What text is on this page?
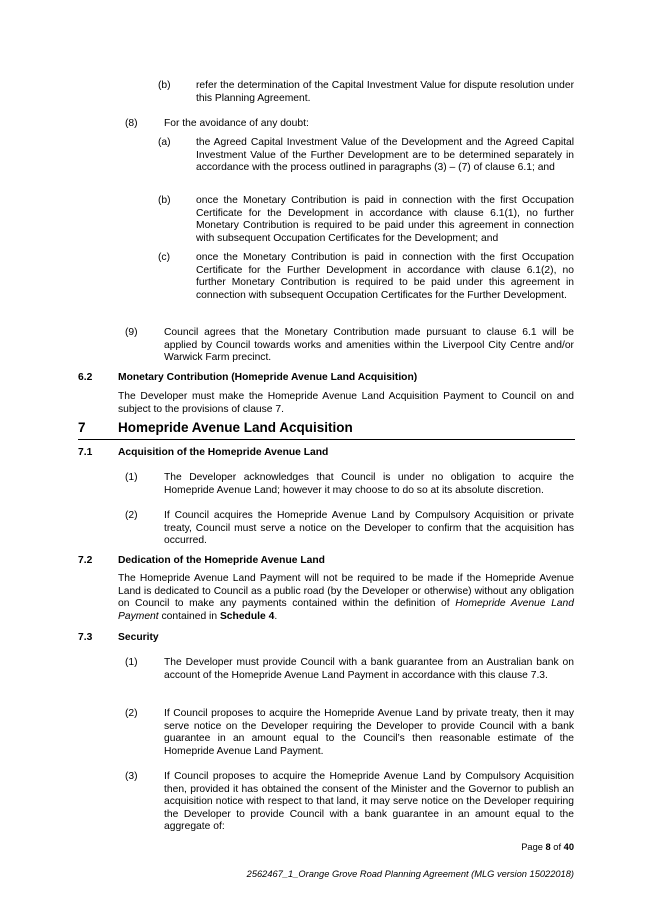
(b) refer the determination of the Capital Investment Value for dispute resolution under this Planning Agreement.
(8)	For the avoidance of any doubt:
(a) the Agreed Capital Investment Value of the Development and the Agreed Capital Investment Value of the Further Development are to be determined separately in accordance with the process outlined in paragraphs (3) – (7) of clause 6.1; and
(b) once the Monetary Contribution is paid in connection with the first Occupation Certificate for the Development in accordance with clause 6.1(1), no further Monetary Contribution is required to be paid under this agreement in connection with subsequent Occupation Certificates for the Development; and
(c)	once the Monetary Contribution is paid in connection with the first Occupation Certificate for the Further Development in accordance with clause 6.1(2), no further Monetary Contribution is required to be paid under this agreement in connection with subsequent Occupation Certificates for the Further Development.
(9)	Council agrees that the Monetary Contribution made pursuant to clause 6.1 will be applied by Council towards works and amenities within the Liverpool City Centre and/or Warwick Farm precinct.
6.2 Monetary Contribution (Homepride Avenue Land Acquisition)
The Developer must make the Homepride Avenue Land Acquisition Payment to Council on and subject to the provisions of clause 7.
7 Homepride Avenue Land Acquisition
7.1 Acquisition of the Homepride Avenue Land
(1)	The Developer acknowledges that Council is under no obligation to acquire the Homepride Avenue Land; however it may choose to do so at its absolute discretion.
(2)	If Council acquires the Homepride Avenue Land by Compulsory Acquisition or private treaty, Council must serve a notice on the Developer to confirm that the acquisition has occurred.
7.2 Dedication of the Homepride Avenue Land
The Homepride Avenue Land Payment will not be required to be made if the Homepride Avenue Land is dedicated to Council as a public road (by the Developer or otherwise) without any obligation on Council to make any payments contained within the definition of Homepride Avenue Land Payment contained in Schedule 4.
7.3 Security
(1)	The Developer must provide Council with a bank guarantee from an Australian bank on account of the Homepride Avenue Land Payment in accordance with this clause 7.3.
(2)	If Council proposes to acquire the Homepride Avenue Land by private treaty, then it may serve notice on the Developer requiring the Developer to provide Council with a bank guarantee in an amount equal to the Council’s then reasonable estimate of the Homepride Avenue Land Payment.
(3)	If Council proposes to acquire the Homepride Avenue Land by Compulsory Acquisition then, provided it has obtained the consent of the Minister and the Governor to publish an acquisition notice with respect to that land, it may serve notice on the Developer requiring the Developer to provide Council with a bank guarantee in an amount equal to the aggregate of:
Page 8 of 40
2562467_1_Orange Grove Road Planning Agreement (MLG version 15022018)
